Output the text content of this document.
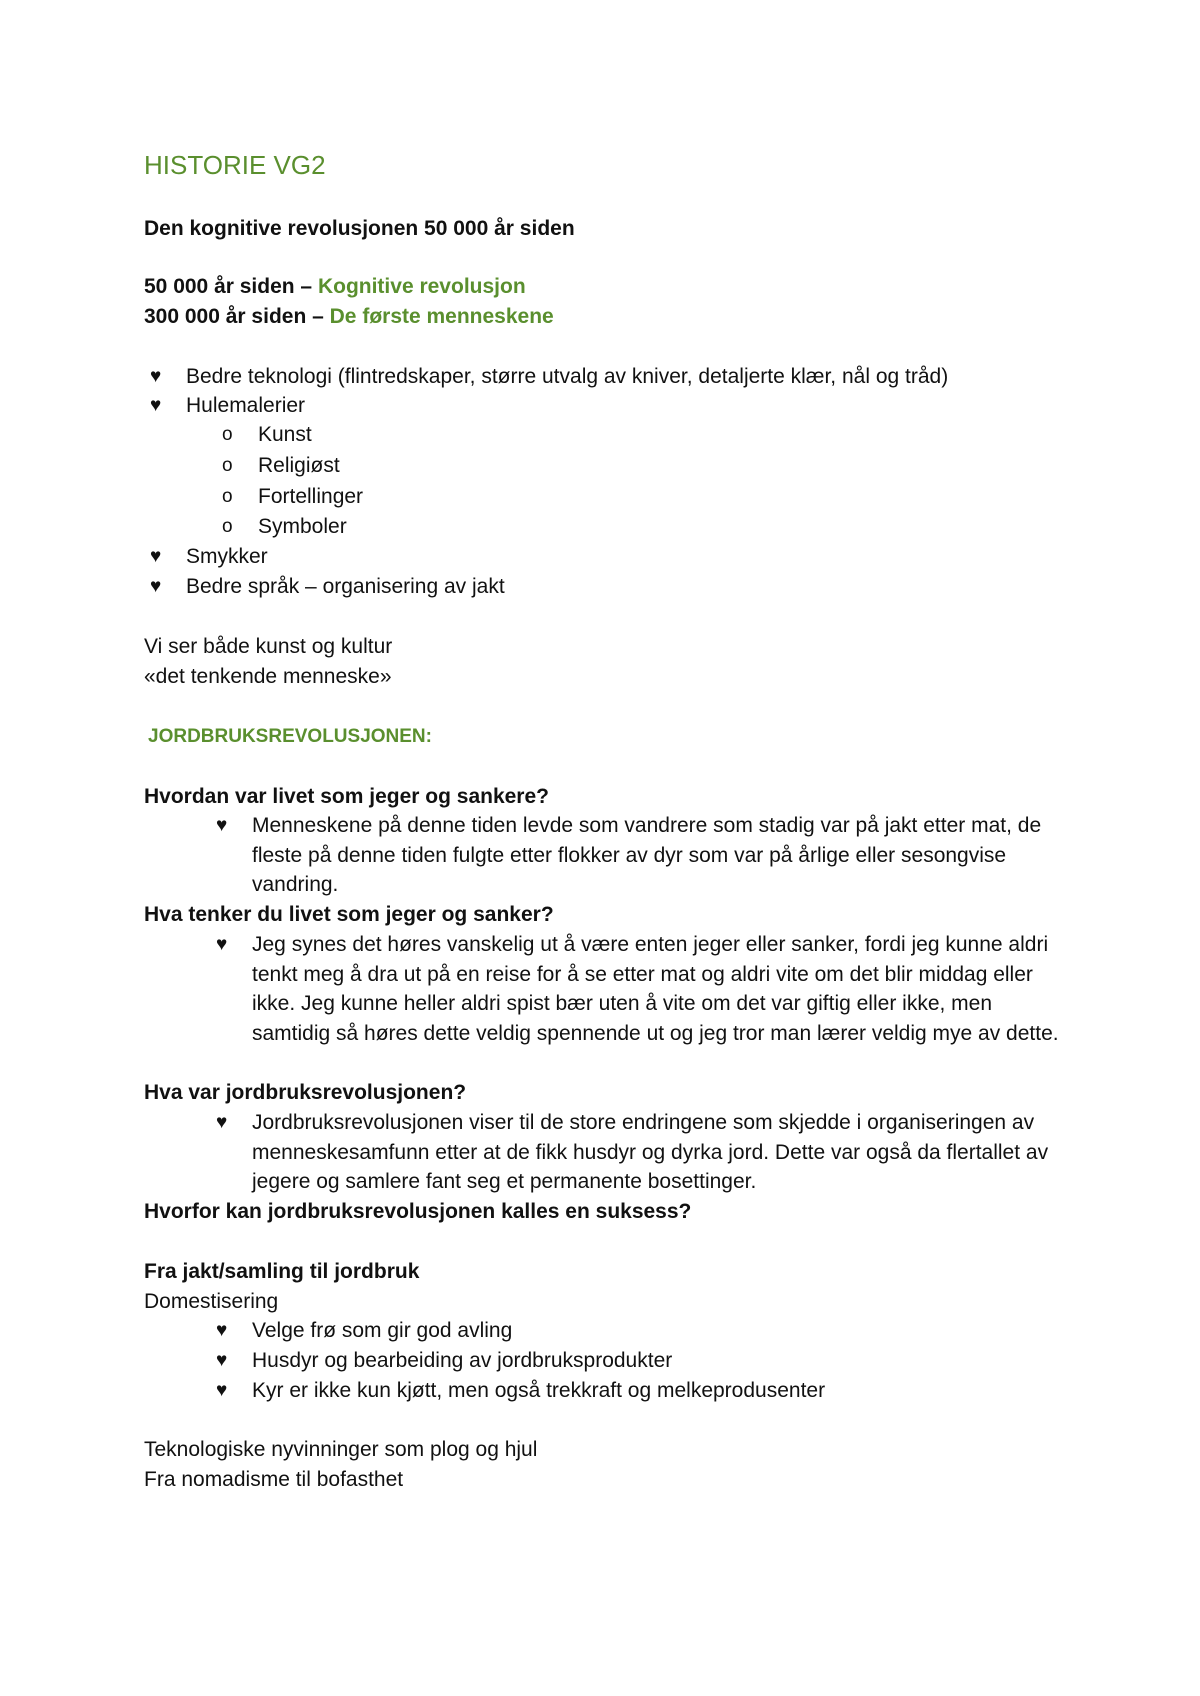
HISTORIE VG2
Den kognitive revolusjonen 50 000 år siden
50 000 år siden – Kognitive revolusjon
300 000 år siden – De første menneskene
♥ Bedre teknologi (flintredskaper, større utvalg av kniver, detaljerte klær, nål og tråd)
♥ Hulemalerier
o Kunst
o Religiøst
o Fortellinger
o Symboler
♥ Smykker
♥ Bedre språk – organisering av jakt
Vi ser både kunst og kultur
«det tenkende menneske»
JORDBRUKSREVOLUSJONEN:
Hvordan var livet som jeger og sankere?
♥ Menneskene på denne tiden levde som vandrere som stadig var på jakt etter mat, de fleste på denne tiden fulgte etter flokker av dyr som var på årlige eller sesongvise vandring.
Hva tenker du livet som jeger og sanker?
♥ Jeg synes det høres vanskelig ut å være enten jeger eller sanker, fordi jeg kunne aldri tenkt meg å dra ut på en reise for å se etter mat og aldri vite om det blir middag eller ikke. Jeg kunne heller aldri spist bær uten å vite om det var giftig eller ikke, men samtidig så høres dette veldig spennende ut og jeg tror man lærer veldig mye av dette.
Hva var jordbruksrevolusjonen?
♥ Jordbruksrevolusjonen viser til de store endringene som skjedde i organiseringen av menneskesamfunn etter at de fikk husdyr og dyrka jord. Dette var også da flertallet av jegere og samlere fant seg et permanente bosettinger.
Hvorfor kan jordbruksrevolusjonen kalles en suksess?
Fra jakt/samling til jordbruk
Domestisering
♥ Velge frø som gir god avling
♥ Husdyr og bearbeiding av jordbruksprodukter
♥ Kyr er ikke kun kjøtt, men også trekkraft og melkeprodusenter
Teknologiske nyvinninger som plog og hjul
Fra nomadisme til bofasthet
